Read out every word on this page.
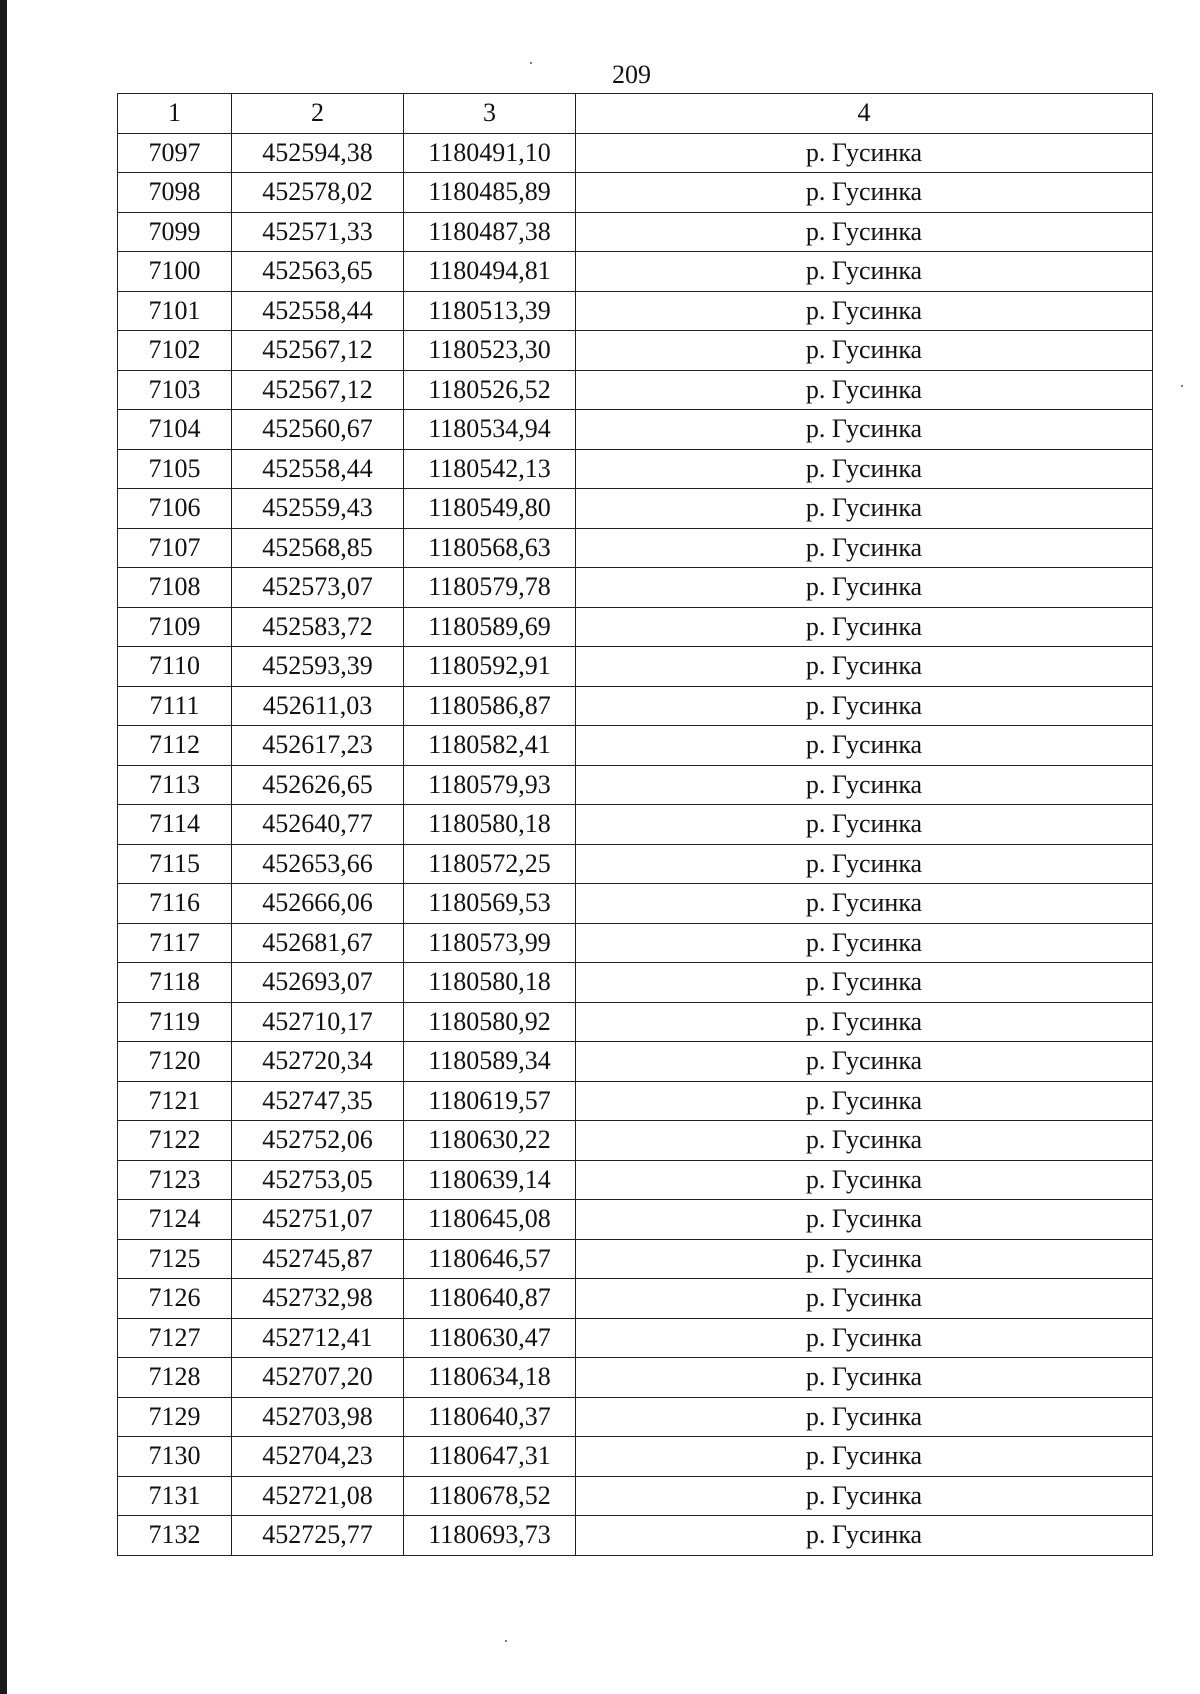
209
1	2	3	4
7097	452594,38	1180491,10	р. Гусинка
7098	452578,02	1180485,89	р. Гусинка
7099	452571,33	1180487,38	р. Гусинка
7100	452563,65	1180494,81	р. Гусинка
7101	452558,44	1180513,39	р. Гусинка
7102	452567,12	1180523,30	р. Гусинка
7103	452567,12	1180526,52	р. Гусинка
7104	452560,67	1180534,94	р. Гусинка
7105	452558,44	1180542,13	р. Гусинка
7106	452559,43	1180549,80	р. Гусинка
7107	452568,85	1180568,63	р. Гусинка
7108	452573,07	1180579,78	р. Гусинка
7109	452583,72	1180589,69	р. Гусинка
7110	452593,39	1180592,91	р. Гусинка
7111	452611,03	1180586,87	р. Гусинка
7112	452617,23	1180582,41	р. Гусинка
7113	452626,65	1180579,93	р. Гусинка
7114	452640,77	1180580,18	р. Гусинка
7115	452653,66	1180572,25	р. Гусинка
7116	452666,06	1180569,53	р. Гусинка
7117	452681,67	1180573,99	р. Гусинка
7118	452693,07	1180580,18	р. Гусинка
7119	452710,17	1180580,92	р. Гусинка
7120	452720,34	1180589,34	р. Гусинка
7121	452747,35	1180619,57	р. Гусинка
7122	452752,06	1180630,22	р. Гусинка
7123	452753,05	1180639,14	р. Гусинка
7124	452751,07	1180645,08	р. Гусинка
7125	452745,87	1180646,57	р. Гусинка
7126	452732,98	1180640,87	р. Гусинка
7127	452712,41	1180630,47	р. Гусинка
7128	452707,20	1180634,18	р. Гусинка
7129	452703,98	1180640,37	р. Гусинка
7130	452704,23	1180647,31	р. Гусинка
7131	452721,08	1180678,52	р. Гусинка
7132	452725,77	1180693,73	р. Гусинка
